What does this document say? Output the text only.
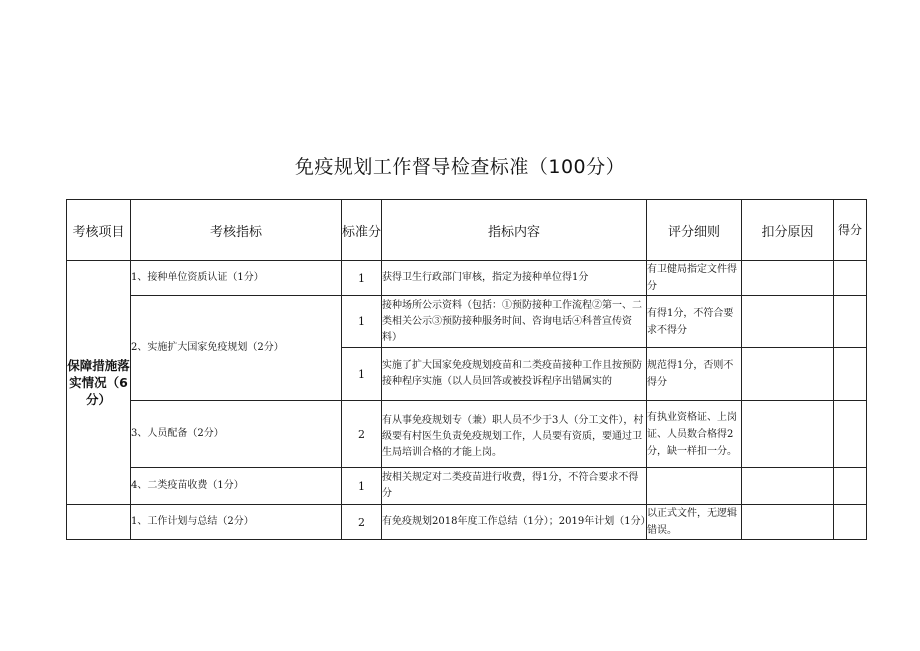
免疫规划工作督导检查标准（100分）
考核项目	考核指标	标准分	指标内容	评分细则	扣分原因	得分
保障措施落实情况（6分）	1、接种单位资质认证（1分）	1	获得卫生行政部门审核，指定为接种单位得1分	有卫健局指定文件得分		
	2、实施扩大国家免疫规划（2分）	1	接种场所公示资料（包括：①预防接种工作流程②第一、二类相关公示③预防接种服务时间、咨询电话④科普宣传资料）	有得1分，不符合要求不得分		
		1	实施了扩大国家免疫规划疫苗和二类疫苗接种工作且按预防接种程序实施（以人员回答或被投诉程序出错属实的	规范得1分，否则不得分		
	3、人员配备（2分）	2	有从事免疫规划专（兼）职人员不少于3人（分工文件），村级要有村医生负责免疫规划工作，人员要有资质，要通过卫生局培训合格的才能上岗。	有执业资格证、上岗证、人员数合格得2分，缺一样扣一分。		
	4、二类疫苗收费（1分）	1	按相关规定对二类疫苗进行收费，得1分，不符合要求不得分			
	1、工作计划与总结（2分）	2	有免疫规划2018年度工作总结（1分）；2019年计划（1分）	以正式文件，无逻辑错误。		
